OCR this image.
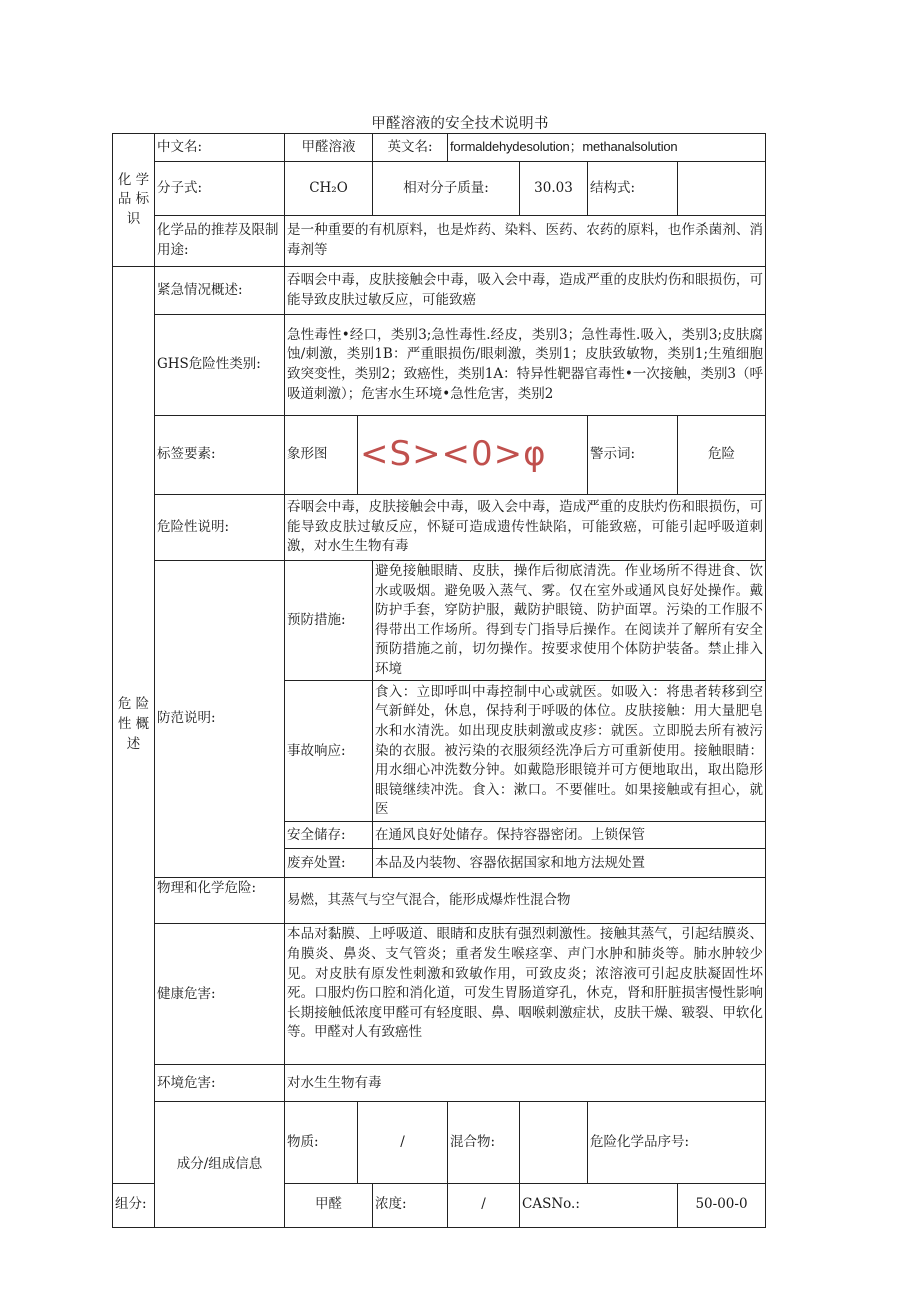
甲醛溶液的安全技术说明书
化 学 品 标识	中文名:	甲醛溶液		英文名:	formaldehydesolution；methanalsolution				
	分子式:	CH₂O		相对分子质量:		30.03	结构式:		
	化学品的推荐及限制用途:	是一种重要的有机原料，也是炸药、染料、医药、农药的原料，也作杀菌剂、消毒剂等							
危 险 性 概述	紧急情况概述:	吞咽会中毒，皮肤接触会中毒，吸入会中毒，造成严重的皮肤灼伤和眼损伤，可能导致皮肤过敏反应，可能致癌							
	GHS危险性类别:	急性毒性•经口，类别3;急性毒性.经皮，类别3；急性毒性.吸入，类别3;皮肤腐蚀/刺激，类别1B：严重眼损伤/眼刺激，类别1；皮肤致敏物，类别1;生殖细胞致突变性，类别2；致癌性，类别1A：特异性靶器官毒性•一次接触，类别3（呼吸道刺激）；危害水生环境•急性危害，类别2							
	标签要素:	象形图	<S><0>φ				警示词:	危险	
	危险性说明:	吞咽会中毒，皮肤接触会中毒，吸入会中毒，造成严重的皮肤灼伤和眼损伤，可能导致皮肤过敏反应，怀疑可造成遗传性缺陷，可能致癌，可能引起呼吸道刺激，对水生生物有毒							
	防范说明:	预防措施:		避免接触眼睛、皮肤，操作后彻底清洗。作业场所不得进食、饮水或吸烟。避免吸入蒸气、雾。仅在室外或通风良好处操作。戴防护手套，穿防护服，戴防护眼镜、防护面罩。污染的工作服不得带出工作场所。得到专门指导后操作。在阅读并了解所有安全预防措施之前，切勿操作。按要求使用个体防护装备。禁止排入环境					
		事故响应:		食入：立即呼叫中毒控制中心或就医。如吸入：将患者转移到空气新鲜处，休息，保持利于呼吸的体位。皮肤接触：用大量肥皂水和水清洗。如出现皮肤刺激或皮疹：就医。立即脱去所有被污染的衣服。被污染的衣服须经洗净后方可重新使用。接触眼睛：用水细心冲洗数分钟。如戴隐形眼镜并可方便地取出，取出隐形眼镜继续冲洗。食入：漱口。不要催吐。如果接触或有担心，就医					
		安全储存:		在通风良好处储存。保持容器密闭。上锁保管					
		废弃处置:		本品及内装物、容器依据国家和地方法规处置					
	物理和化学危险:	易燃，其蒸气与空气混合，能形成爆炸性混合物							
	健康危害:	本品对黏膜、上呼吸道、眼睛和皮肤有强烈刺激性。接触其蒸气，引起结膜炎、角膜炎、鼻炎、支气管炎；重者发生喉痉挛、声门水肿和肺炎等。肺水肿较少见。对皮肤有原发性刺激和致敏作用，可致皮炎；浓溶液可引起皮肤凝固性坏死。口服灼伤口腔和消化道，可发生胃肠道穿孔，休克，肾和肝脏损害慢性影响长期接触低浓度甲醛可有轻度眼、鼻、咽喉刺激症状，皮肤干燥、皲裂、甲软化等。甲醛对人有致癌性							
	环境危害:	对水生生物有毒							
	成分/组成信息	物质:	/		混合物:		危险化学品序号:	
组分:		甲醛		浓度:	/	CASNo.:		50-00-0	
